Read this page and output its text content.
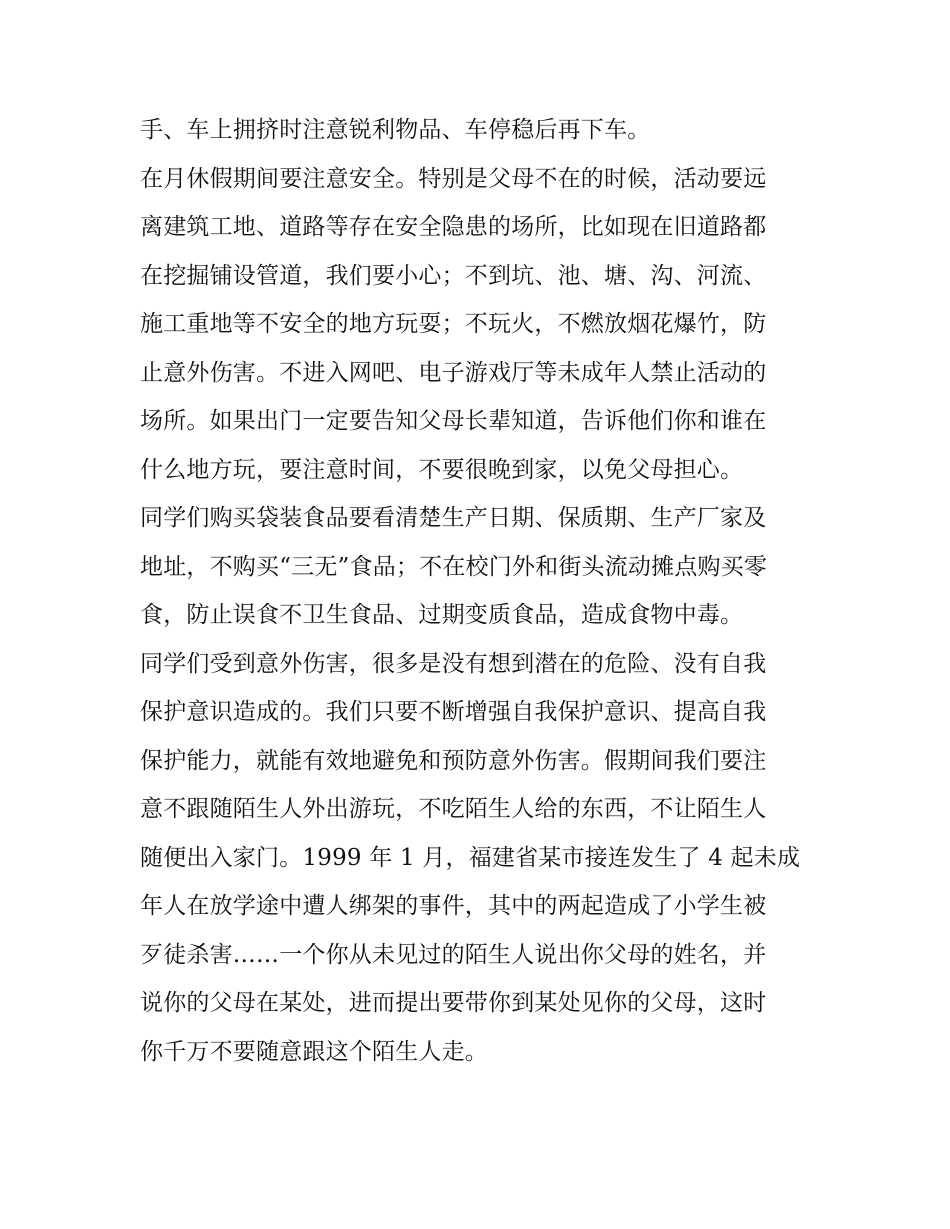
手、车上拥挤时注意锐利物品、车停稳后再下车。
在月休假期间要注意安全。特别是父母不在的时候，活动要远
离建筑工地、道路等存在安全隐患的场所，比如现在旧道路都
在挖掘铺设管道，我们要小心；不到坑、池、塘、沟、河流、
施工重地等不安全的地方玩耍；不玩火，不燃放烟花爆竹，防
止意外伤害。不进入网吧、电子游戏厅等未成年人禁止活动的
场所。如果出门一定要告知父母长辈知道，告诉他们你和谁在
什么地方玩，要注意时间，不要很晚到家，以免父母担心。
同学们购买袋装食品要看清楚生产日期、保质期、生产厂家及
地址，不购买“三无”食品；不在校门外和街头流动摊点购买零
食，防止误食不卫生食品、过期变质食品，造成食物中毒。
同学们受到意外伤害，很多是没有想到潜在的危险、没有自我
保护意识造成的。我们只要不断增强自我保护意识、提高自我
保护能力，就能有效地避免和预防意外伤害。假期间我们要注
意不跟随陌生人外出游玩，不吃陌生人给的东西，不让陌生人
随便出入家门。1999 年 1 月，福建省某市接连发生了 4 起未成
年人在放学途中遭人绑架的事件，其中的两起造成了小学生被
歹徒杀害……一个你从未见过的陌生人说出你父母的姓名，并
说你的父母在某处，进而提出要带你到某处见你的父母，这时
你千万不要随意跟这个陌生人走。
